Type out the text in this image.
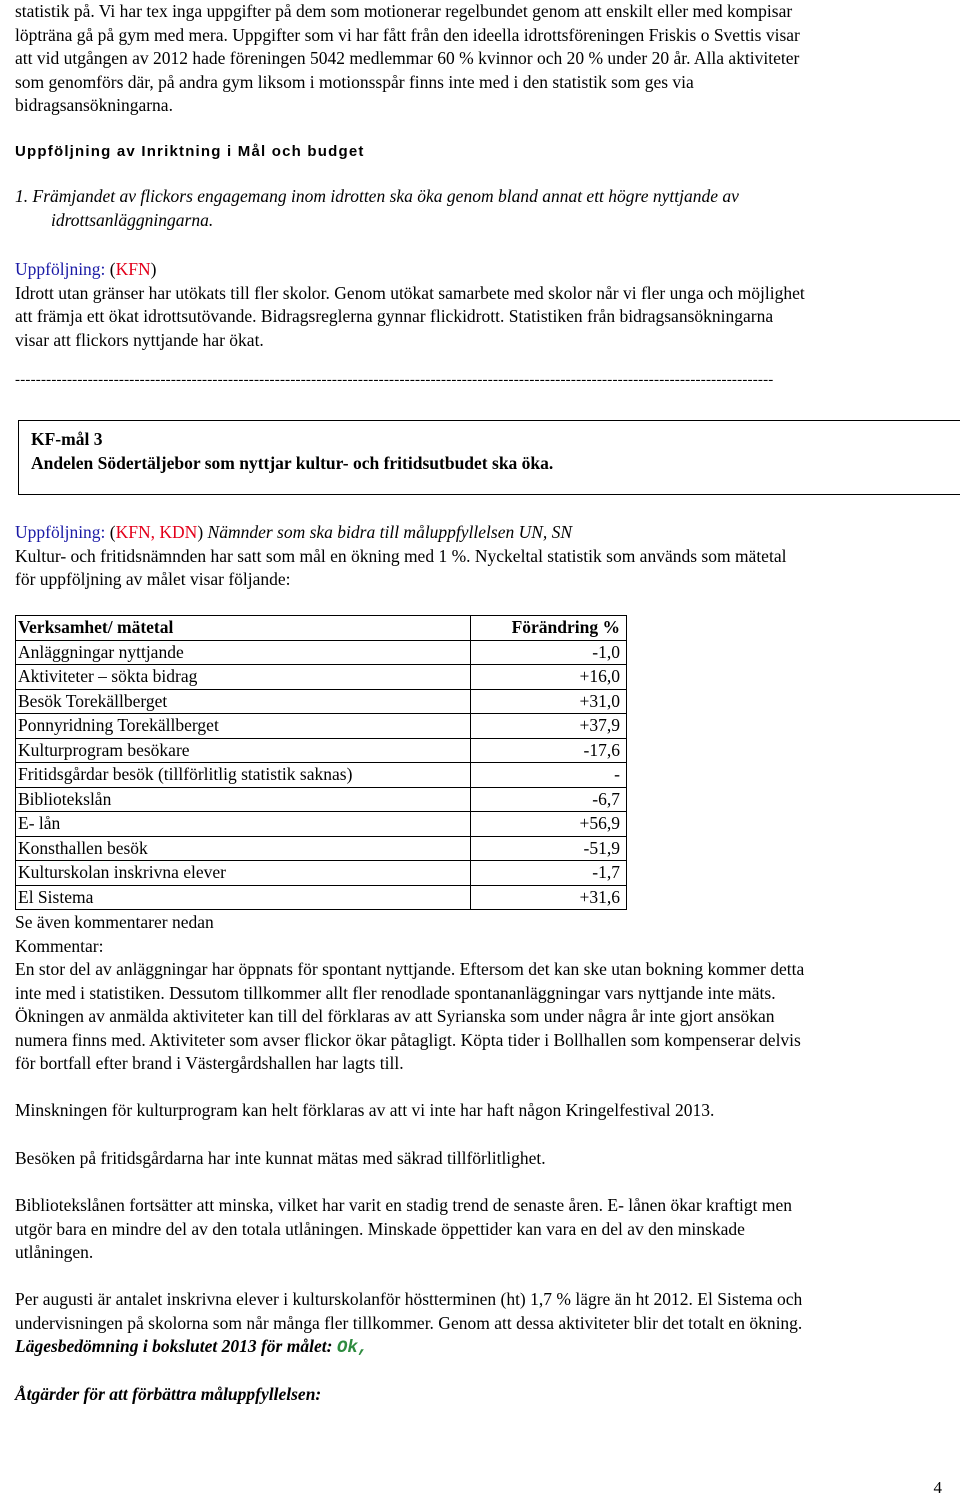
statistik på. Vi har tex inga uppgifter på dem som motionerar regelbundet genom att enskilt eller med kompisar

löpträna gå på gym med mera. Uppgifter som vi har fått från den ideella idrottsföreningen Friskis o Svettis visar

att vid utgången av 2012 hade föreningen 5042 medlemmar 60 % kvinnor och 20 % under 20 år. Alla aktiviteter

som genomförs där, på andra gym liksom i motionsspår finns inte med i den statistik som ges via

bidragsansökningarna.

Uppföljning av Inriktning i Mål och budget

1. Främjandet av flickors engagemang inom idrotten ska öka genom bland annat ett högre nyttjande av

idrottsanläggningarna.

Uppföljning: (KFN)

Idrott utan gränser har utökats till fler skolor. Genom utökat samarbete med skolor når vi fler unga och möjlighet

att främja ett ökat idrottsutövande. Bidragsreglerna gynnar flickidrott. Statistiken från bidragsansökningarna

visar att flickors nyttjande har ökat.

--------------------------------------------------------------------------------------------------------------------------------------------------

KF-mål 3

Andelen Södertäljebor som nyttjar kultur- och fritidsutbudet ska öka.

Uppföljning: (KFN, KDN) Nämnder som ska bidra till måluppfyllelsen UN, SN

Kultur- och fritidsnämnden har satt som mål en ökning med 1 %. Nyckeltal statistik som används som mätetal

för uppföljning av målet visar följande:

Verksamhet/ mätetal	Förändring %
Anläggningar nyttjande	-1,0
Aktiviteter – sökta bidrag	+16,0
Besök Torekällberget	+31,0
Ponnyridning Torekällberget	+37,9
Kulturprogram besökare	-17,6
Fritidsgårdar besök (tillförlitlig statistik saknas)	-
Bibliotekslån	-6,7
E- lån	+56,9
Konsthallen besök	-51,9
Kulturskolan inskrivna elever	-1,7
El Sistema	+31,6

Se även kommentarer nedan

Kommentar:

En stor del av anläggningar har öppnats för spontant nyttjande. Eftersom det kan ske utan bokning kommer detta

inte med i statistiken. Dessutom tillkommer allt fler renodlade spontananläggningar vars nyttjande inte mäts.

Ökningen av anmälda aktiviteter kan till del förklaras av att Syrianska som under några år inte gjort ansökan

numera finns med. Aktiviteter som avser flickor ökar påtagligt. Köpta tider i Bollhallen som kompenserar delvis

för bortfall efter brand i Västergårdshallen har lagts till.

Minskningen för kulturprogram kan helt förklaras av att vi inte har haft någon Kringelfestival 2013.

Besöken på fritidsgårdarna har inte kunnat mätas med säkrad tillförlitlighet.

Bibliotekslånen fortsätter att minska, vilket har varit en stadig trend de senaste åren. E- lånen ökar kraftigt men

utgör bara en mindre del av den totala utlåningen. Minskade öppettider kan vara en del av den minskade

utlåningen.

Per augusti är antalet inskrivna elever i kulturskolanför höstterminen (ht) 1,7 % lägre än ht 2012. El Sistema och

undervisningen på skolorna som når många fler tillkommer. Genom att dessa aktiviteter blir det totalt en ökning.

Lägesbedömning i bokslutet 2013 för målet: Ok,

Åtgärder för att förbättra måluppfyllelsen:

4
